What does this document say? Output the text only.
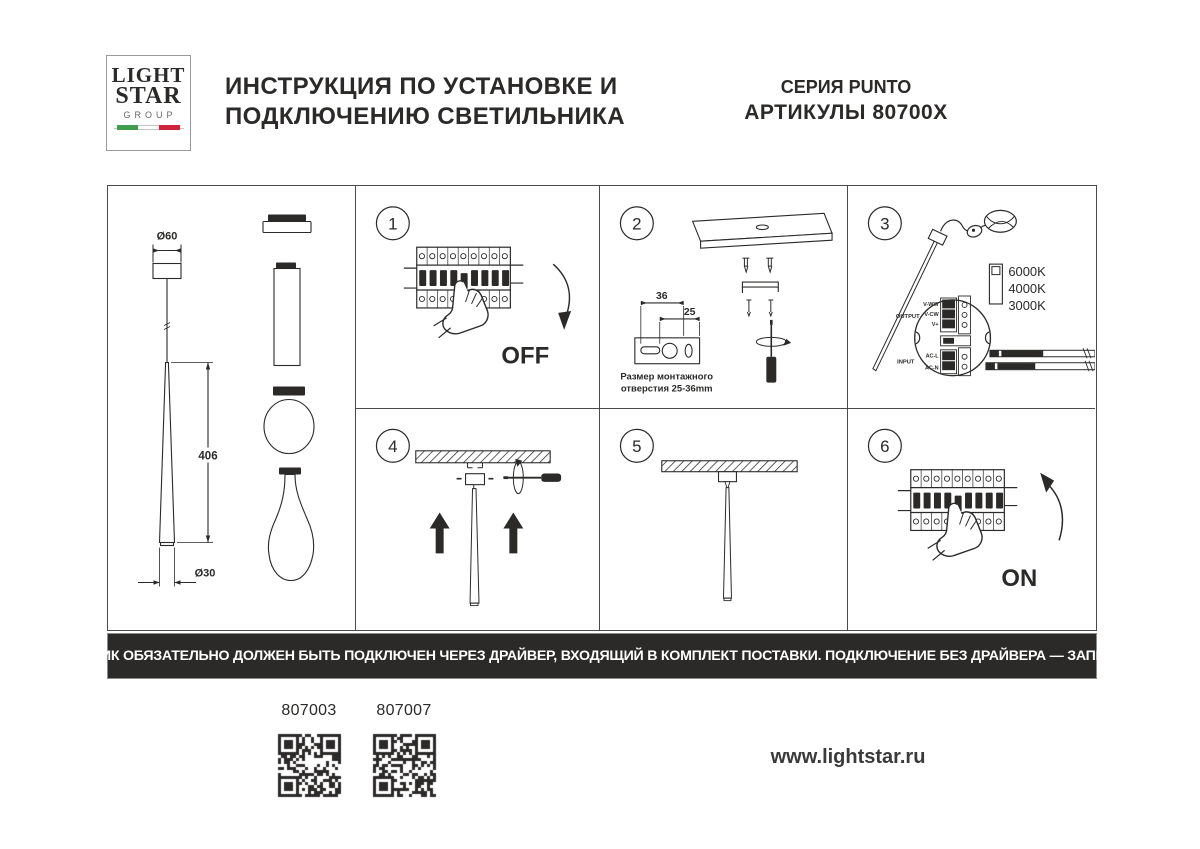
LIGHT
STAR
GROUP
ИНСТРУКЦИЯ ПО УСТАНОВКЕ И
ПОДКЛЮЧЕНИЮ СВЕТИЛЬНИКА
СЕРИЯ PUNTO
АРТИКУЛЫ 80700X
Ø60
406
Ø30
1
OFF
2
36
25
Размер монтажного
отверстия 25-36mm
3
6000K
4000K
3000K
OUTPUT
V-WW
V-CW
V+
INPUT
AC-L
AC-N
Brown line-L
Blue line-N
4	5	6
ON
СВЕТИЛЬНИК ОБЯЗАТЕЛЬНО ДОЛЖЕН БЫТЬ ПОДКЛЮЧЕН ЧЕРЕЗ ДРАЙВЕР, ВХОДЯЩИЙ В КОМПЛЕКТ ПОСТАВКИ. ПОДКЛЮЧЕНИЕ БЕЗ ДРАЙВЕРА — ЗАПРЕЩАЕТСЯ!
807003	807007
www.lightstar.ru
